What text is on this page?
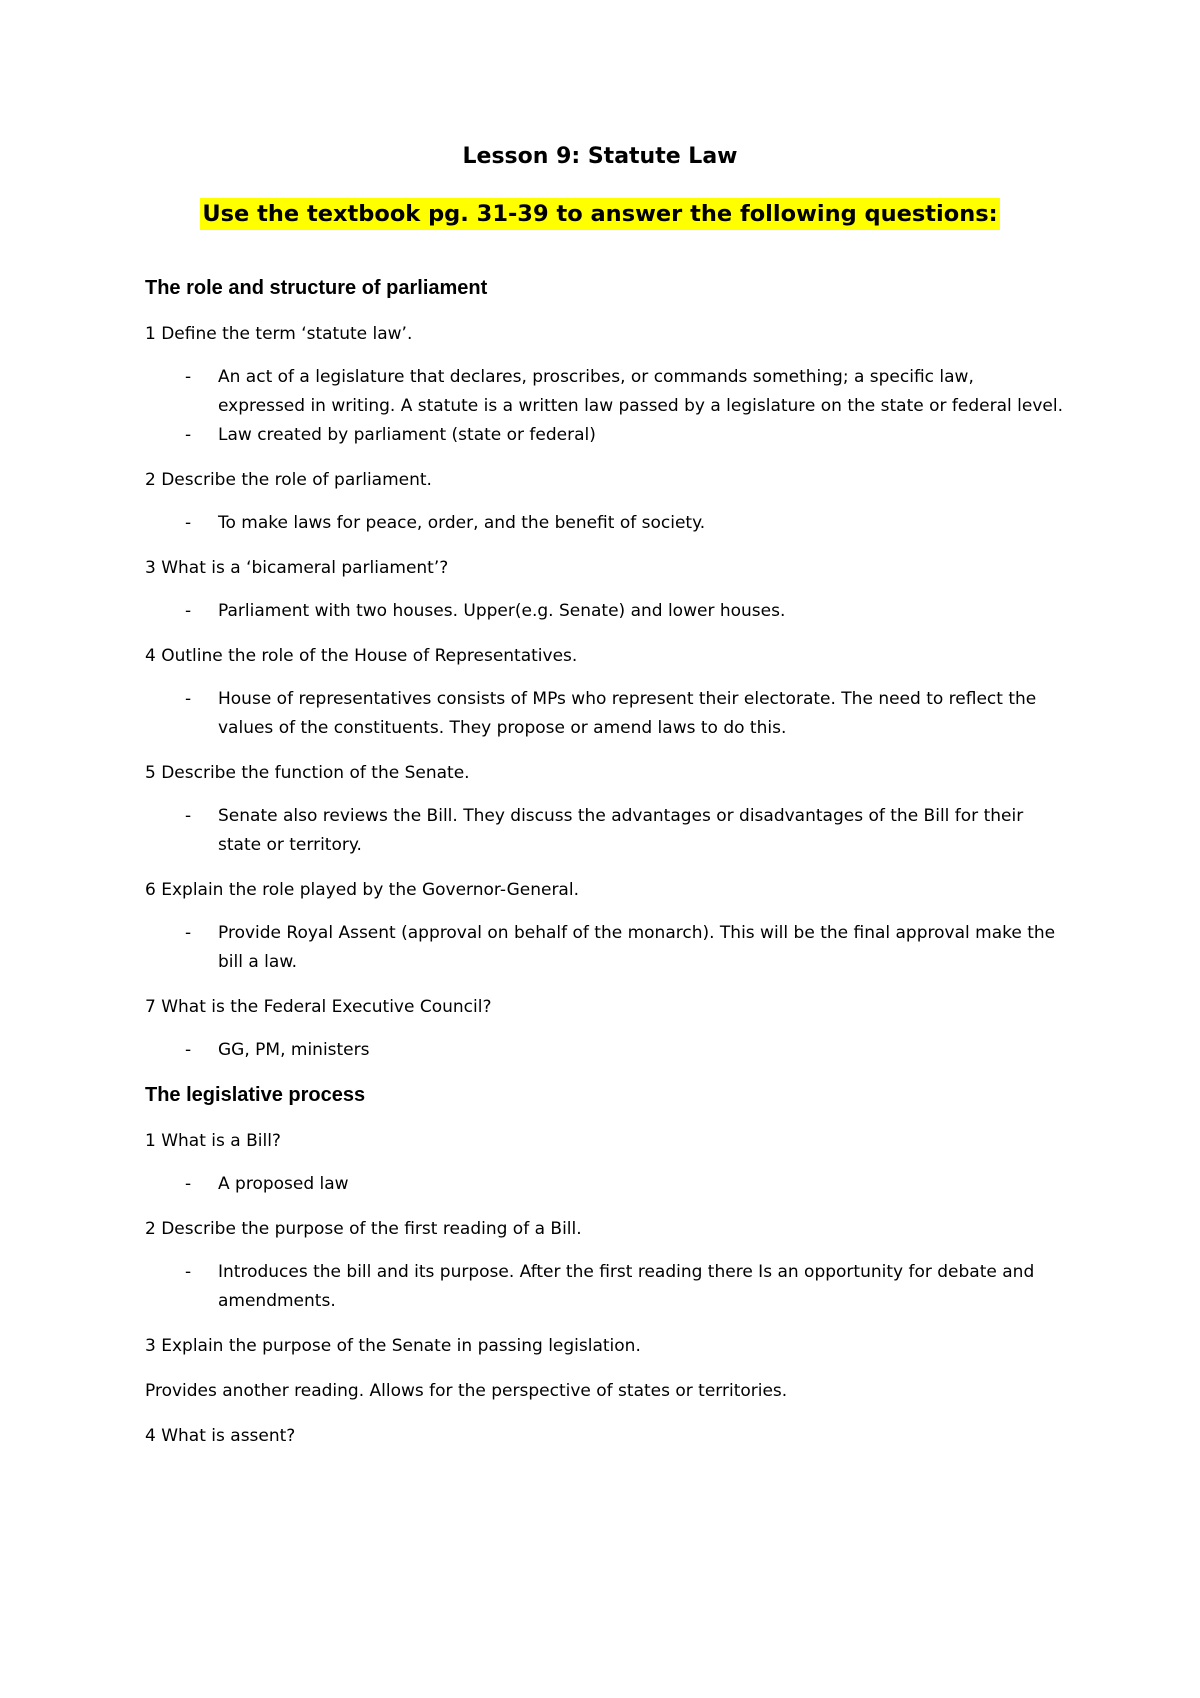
Lesson 9: Statute Law
Use the textbook pg. 31-39 to answer the following questions:
The role and structure of parliament
1 Define the term ‘statute law’.
- An act of a legislature that declares, proscribes, or commands something; a specific law, expressed in writing. A statute is a written law passed by a legislature on the state or federal level.
- Law created by parliament (state or federal)
2 Describe the role of parliament.
- To make laws for peace, order, and the benefit of society.
3 What is a ‘bicameral parliament’?
- Parliament with two houses. Upper(e.g. Senate) and lower houses.
4 Outline the role of the House of Representatives.
- House of representatives consists of MPs who represent their electorate. The need to reflect the values of the constituents. They propose or amend laws to do this.
5 Describe the function of the Senate.
- Senate also reviews the Bill. They discuss the advantages or disadvantages of the Bill for their state or territory.
6 Explain the role played by the Governor-General.
- Provide Royal Assent (approval on behalf of the monarch). This will be the final approval make the bill a law.
7 What is the Federal Executive Council?
- GG, PM, ministers
The legislative process
1 What is a Bill?
- A proposed law
2 Describe the purpose of the first reading of a Bill.
- Introduces the bill and its purpose. After the first reading there Is an opportunity for debate and amendments.
3 Explain the purpose of the Senate in passing legislation.
Provides another reading. Allows for the perspective of states or territories.
4 What is assent?
